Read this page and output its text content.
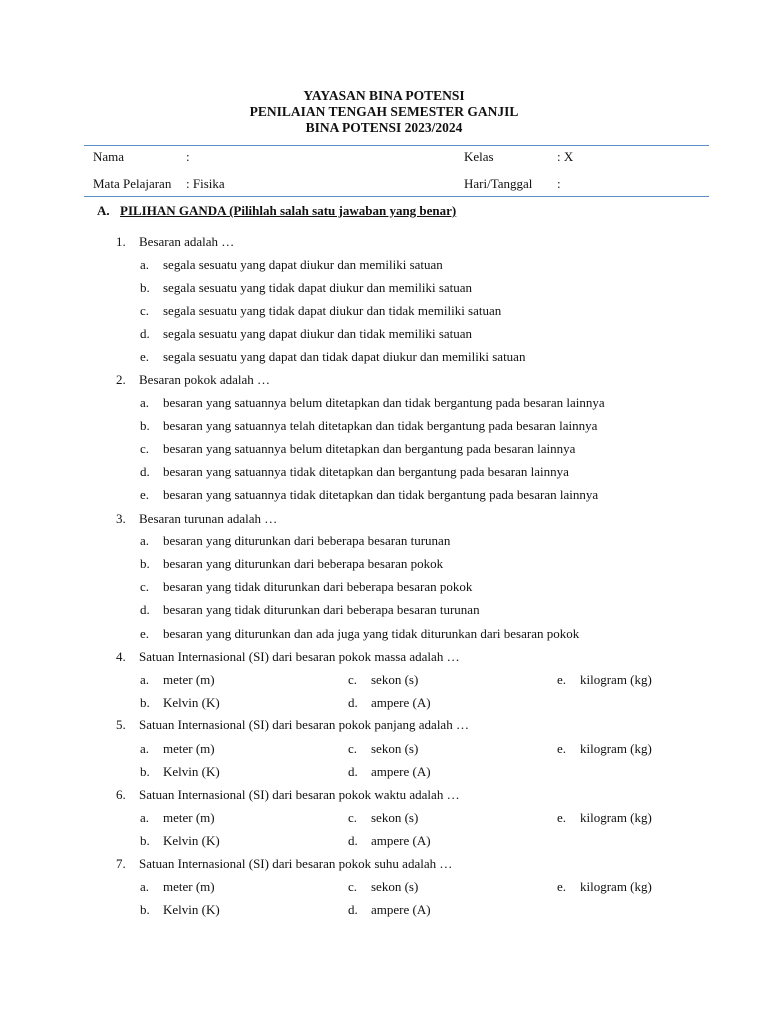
YAYASAN BINA POTENSI
PENILAIAN TENGAH SEMESTER GANJIL
BINA POTENSI 2023/2024
Nama	:	Kelas	: X
Mata Pelajaran : Fisika	Hari/Tanggal :
A. PILIHAN GANDA (Pilihlah salah satu jawaban yang benar)
1. Besaran adalah …
a. segala sesuatu yang dapat diukur dan memiliki satuan
b. segala sesuatu yang tidak dapat diukur dan memiliki satuan
c. segala sesuatu yang tidak dapat diukur dan tidak memiliki satuan
d. segala sesuatu yang dapat diukur dan tidak memiliki satuan
e. segala sesuatu yang dapat dan tidak dapat diukur dan memiliki satuan
2. Besaran pokok adalah …
a. besaran yang satuannya belum ditetapkan dan tidak bergantung pada besaran lainnya
b. besaran yang satuannya telah ditetapkan dan tidak bergantung pada besaran lainnya
c. besaran yang satuannya belum ditetapkan dan bergantung pada besaran lainnya
d. besaran yang satuannya tidak ditetapkan dan bergantung pada besaran lainnya
e. besaran yang satuannya tidak ditetapkan dan tidak bergantung pada besaran lainnya
3. Besaran turunan adalah …
a. besaran yang diturunkan dari beberapa besaran turunan
b. besaran yang diturunkan dari beberapa besaran pokok
c. besaran yang tidak diturunkan dari beberapa besaran pokok
d. besaran yang tidak diturunkan dari beberapa besaran turunan
e. besaran yang diturunkan dan ada juga yang tidak diturunkan dari besaran pokok
4. Satuan Internasional (SI) dari besaran pokok massa adalah …
a. meter (m)	c. sekon (s)	e. kilogram (kg)
b. Kelvin (K)	d. ampere (A)
5. Satuan Internasional (SI) dari besaran pokok panjang adalah …
a. meter (m)	c. sekon (s)	e. kilogram (kg)
b. Kelvin (K)	d. ampere (A)
6. Satuan Internasional (SI) dari besaran pokok waktu adalah …
a. meter (m)	c. sekon (s)	e. kilogram (kg)
b. Kelvin (K)	d. ampere (A)
7. Satuan Internasional (SI) dari besaran pokok suhu adalah …
a. meter (m)	c. sekon (s)	e. kilogram (kg)
b. Kelvin (K)	d. ampere (A)
